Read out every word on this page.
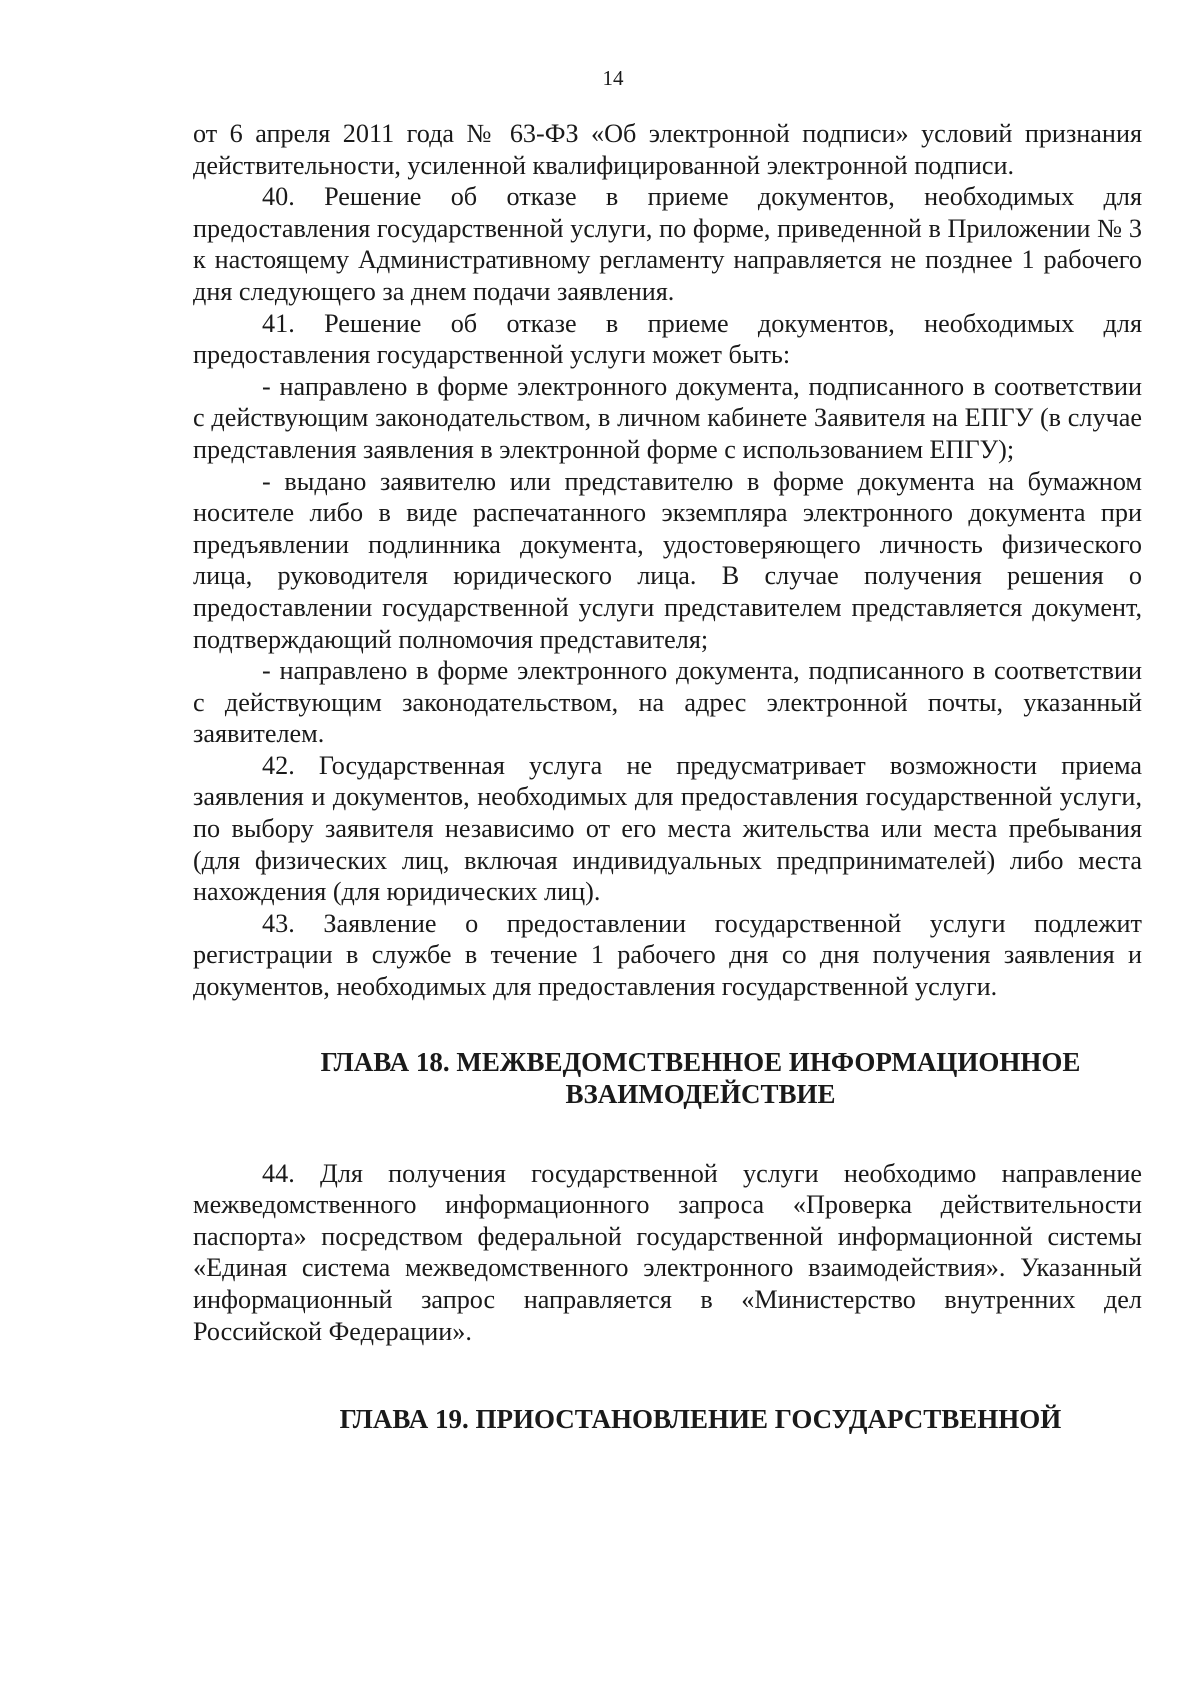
14

от 6 апреля 2011 года № 63-ФЗ «Об электронной подписи» условий признания действительности, усиленной квалифицированной электронной подписи.

40. Решение об отказе в приеме документов, необходимых для предоставления государственной услуги, по форме, приведенной в Приложении № 3 к настоящему Административному регламенту направляется не позднее 1 рабочего дня следующего за днем подачи заявления.

41. Решение об отказе в приеме документов, необходимых для предоставления государственной услуги может быть:

- направлено в форме электронного документа, подписанного в соответствии с действующим законодательством, в личном кабинете Заявителя на ЕПГУ (в случае представления заявления в электронной форме с использованием ЕПГУ);

- выдано заявителю или представителю в форме документа на бумажном носителе либо в виде распечатанного экземпляра электронного документа при предъявлении подлинника документа, удостоверяющего личность физического лица, руководителя юридического лица. В случае получения решения о предоставлении государственной услуги представителем представляется документ, подтверждающий полномочия представителя;

- направлено в форме электронного документа, подписанного в соответствии с действующим законодательством, на адрес электронной почты, указанный заявителем.

42. Государственная услуга не предусматривает возможности приема заявления и документов, необходимых для предоставления государственной услуги, по выбору заявителя независимо от его места жительства или места пребывания (для физических лиц, включая индивидуальных предпринимателей) либо места нахождения (для юридических лиц).

43. Заявление о предоставлении государственной услуги подлежит регистрации в службе в течение 1 рабочего дня со дня получения заявления и документов, необходимых для предоставления государственной услуги.

ГЛАВА 18. МЕЖВЕДОМСТВЕННОЕ ИНФОРМАЦИОННОЕ
ВЗАИМОДЕЙСТВИЕ

44. Для получения государственной услуги необходимо направление межведомственного информационного запроса «Проверка действительности паспорта» посредством федеральной государственной информационной системы «Единая система межведомственного электронного взаимодействия». Указанный информационный запрос направляется в «Министерство внутренних дел Российской Федерации».

ГЛАВА 19. ПРИОСТАНОВЛЕНИЕ ГОСУДАРСТВЕННОЙ
